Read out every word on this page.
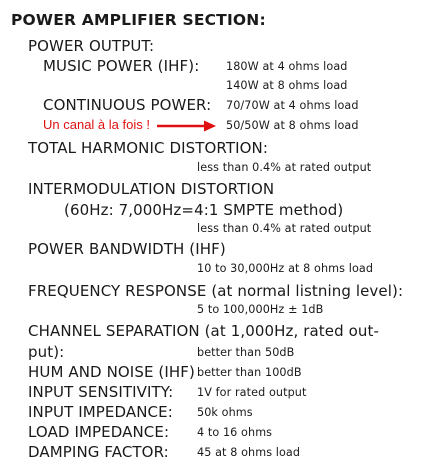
POWER AMPLIFIER SECTION:
POWER OUTPUT:
MUSIC POWER (IHF): 180W at 4 ohms load
140W at 8 ohms load
CONTINUOUS POWER: 70/70W at 4 ohms load
Un canal à la fois !	50/50W at 8 ohms load
TOTAL HARMONIC DISTORTION:
less than 0.4% at rated output
INTERMODULATION DISTORTION
(60Hz: 7,000Hz=4:1 SMPTE method)
less than 0.4% at rated output
POWER BANDWIDTH (IHF)
10 to 30,000Hz at 8 ohms load
FREQUENCY RESPONSE (at normal listning level):
5 to 100,000Hz ± 1dB
CHANNEL SEPARATION (at 1,000Hz, rated out-
put):	better than 50dB
HUM AND NOISE (IHF) better than 100dB
INPUT SENSITIVITY: 1V for rated output
INPUT IMPEDANCE: 50k ohms
LOAD IMPEDANCE: 4 to 16 ohms
DAMPING FACTOR:	45 at 8 ohms load
